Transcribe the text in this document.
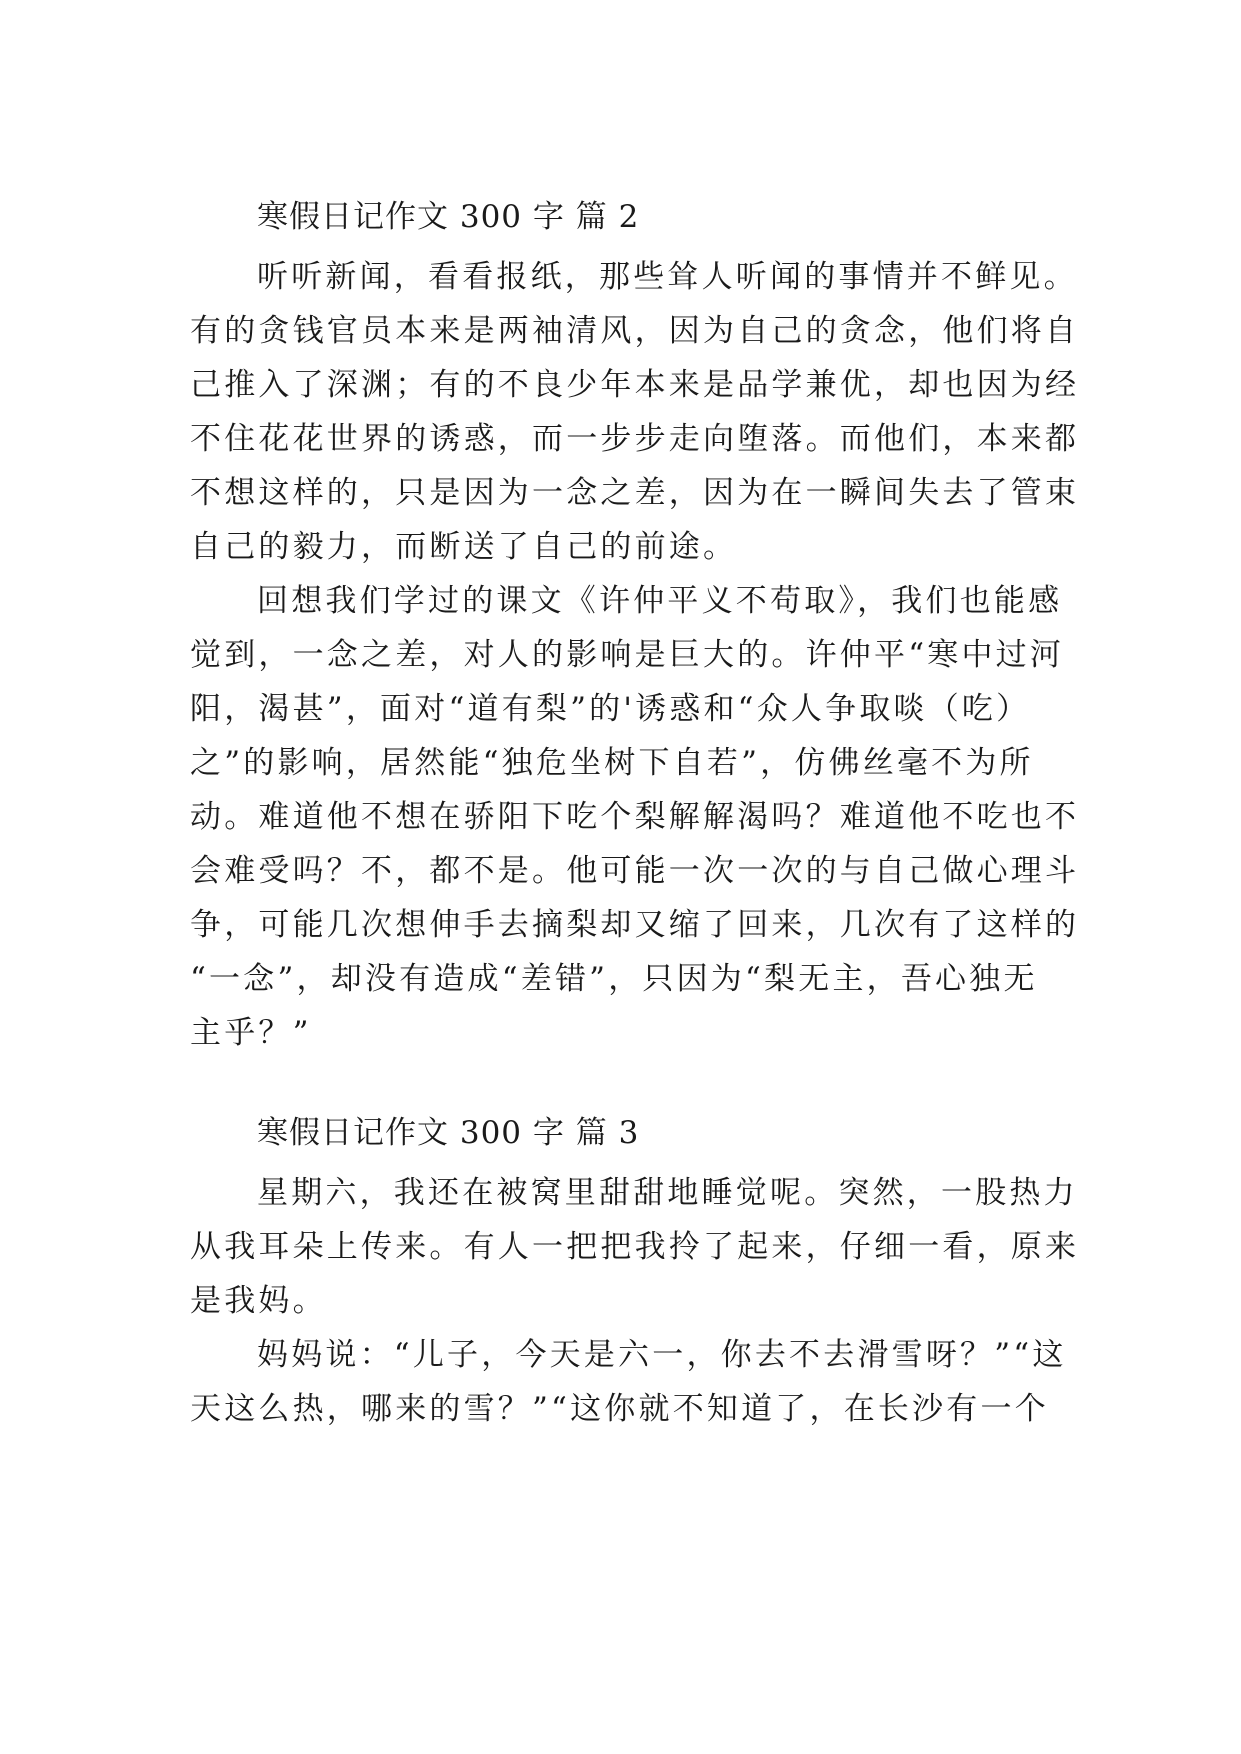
寒假日记作文 300 字 篇 2
听听新闻，看看报纸，那些耸人听闻的事情并不鲜见。
有的贪钱官员本来是两袖清风，因为自己的贪念，他们将自
己推入了深渊；有的不良少年本来是品学兼优，却也因为经
不住花花世界的诱惑，而一步步走向堕落。而他们，本来都
不想这样的，只是因为一念之差，因为在一瞬间失去了管束
自己的毅力，而断送了自己的前途。
回想我们学过的课文《许仲平义不苟取》，我们也能感
觉到，一念之差，对人的影响是巨大的。许仲平“寒中过河
阳，渴甚”，面对“道有梨”的'诱惑和“众人争取啖（吃）
之”的影响，居然能“独危坐树下自若”，仿佛丝毫不为所
动。难道他不想在骄阳下吃个梨解解渴吗？难道他不吃也不
会难受吗？不，都不是。他可能一次一次的与自己做心理斗
争，可能几次想伸手去摘梨却又缩了回来，几次有了这样的
“一念”，却没有造成“差错”，只因为“梨无主，吾心独无
主乎？”
寒假日记作文 300 字 篇 3
星期六，我还在被窝里甜甜地睡觉呢。突然，一股热力
从我耳朵上传来。有人一把把我拎了起来，仔细一看，原来
是我妈。
妈妈说：“儿子，今天是六一，你去不去滑雪呀？”“这
天这么热，哪来的雪？”“这你就不知道了，在长沙有一个
